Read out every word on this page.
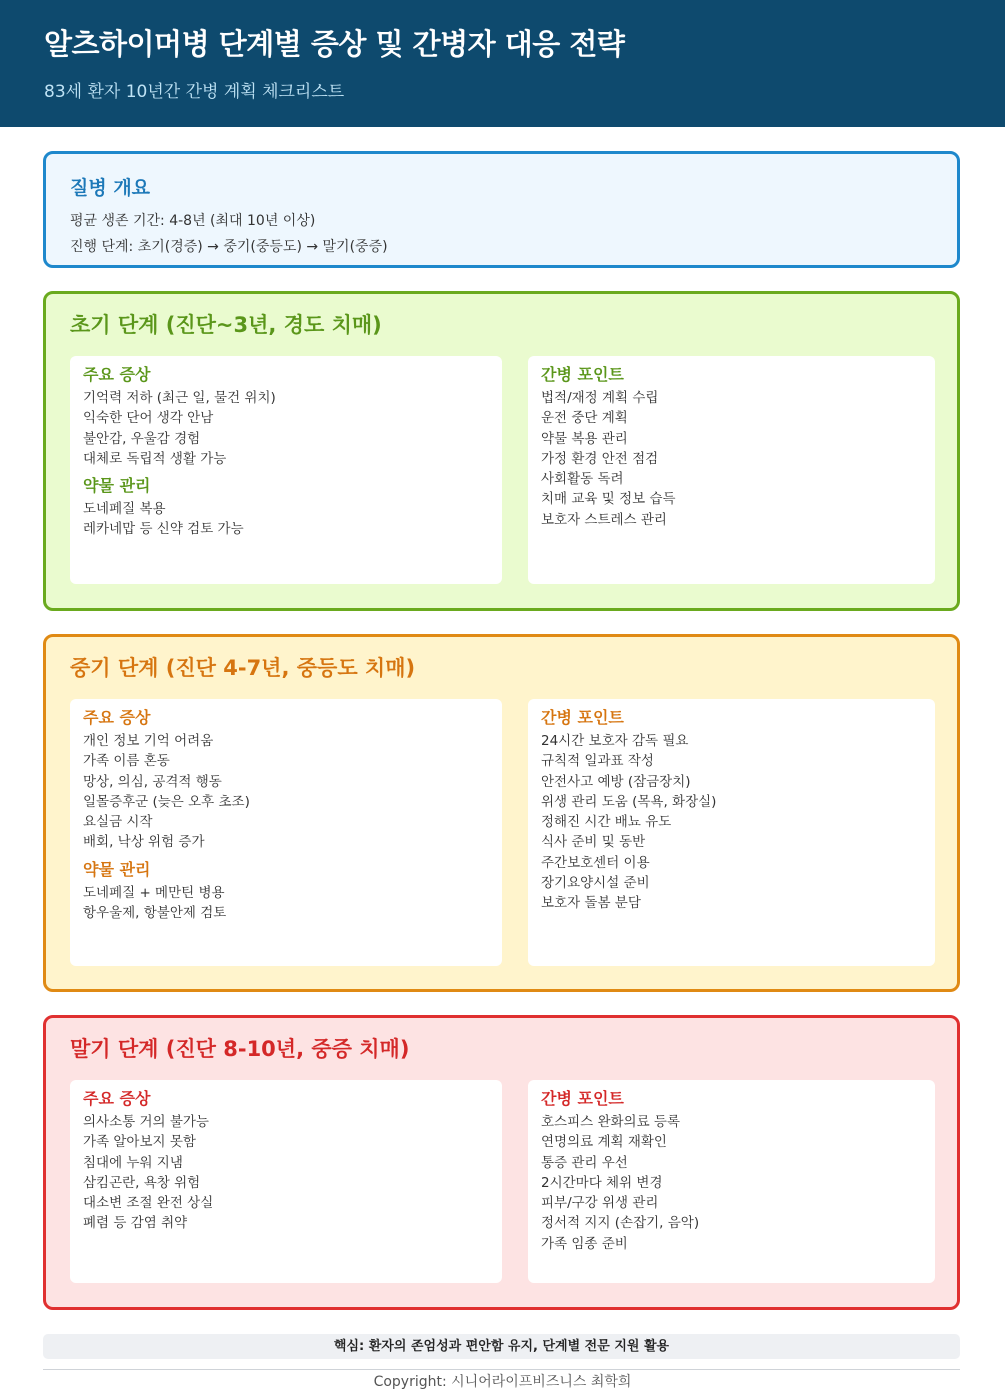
알츠하이머병 단계별 증상 및 간병자 대응 전략
83세 환자 10년간 간병 계획 체크리스트
질병 개요
평균 생존 기간: 4-8년 (최대 10년 이상)
진행 단계: 초기(경증) → 중기(중등도) → 말기(중증)
초기 단계 (진단~3년, 경도 치매)
주요 증상
기억력 저하 (최근 일, 물건 위치)
익숙한 단어 생각 안남
불안감, 우울감 경험
대체로 독립적 생활 가능
약물 관리
도네페질 복용
레카네맙 등 신약 검토 가능
간병 포인트
법적/재정 계획 수립
운전 중단 계획
약물 복용 관리
가정 환경 안전 점검
사회활동 독려
치매 교육 및 정보 습득
보호자 스트레스 관리
중기 단계 (진단 4-7년, 중등도 치매)
주요 증상
개인 정보 기억 어려움
가족 이름 혼동
망상, 의심, 공격적 행동
일몰증후군 (늦은 오후 초조)
요실금 시작
배회, 낙상 위험 증가
약물 관리
도네페질 + 메만틴 병용
항우울제, 항불안제 검토
간병 포인트
24시간 보호자 감독 필요
규칙적 일과표 작성
안전사고 예방 (잠금장치)
위생 관리 도움 (목욕, 화장실)
정해진 시간 배뇨 유도
식사 준비 및 동반
주간보호센터 이용
장기요양시설 준비
보호자 돌봄 분담
말기 단계 (진단 8-10년, 중증 치매)
주요 증상
의사소통 거의 불가능
가족 알아보지 못함
침대에 누워 지냄
삼킴곤란, 욕창 위험
대소변 조절 완전 상실
폐렴 등 감염 취약
간병 포인트
호스피스 완화의료 등록
연명의료 계획 재확인
통증 관리 우선
2시간마다 체위 변경
피부/구강 위생 관리
정서적 지지 (손잡기, 음악)
가족 임종 준비
핵심: 환자의 존엄성과 편안함 유지, 단계별 전문 지원 활용
Copyright: 시니어라이프비즈니스 최학희
